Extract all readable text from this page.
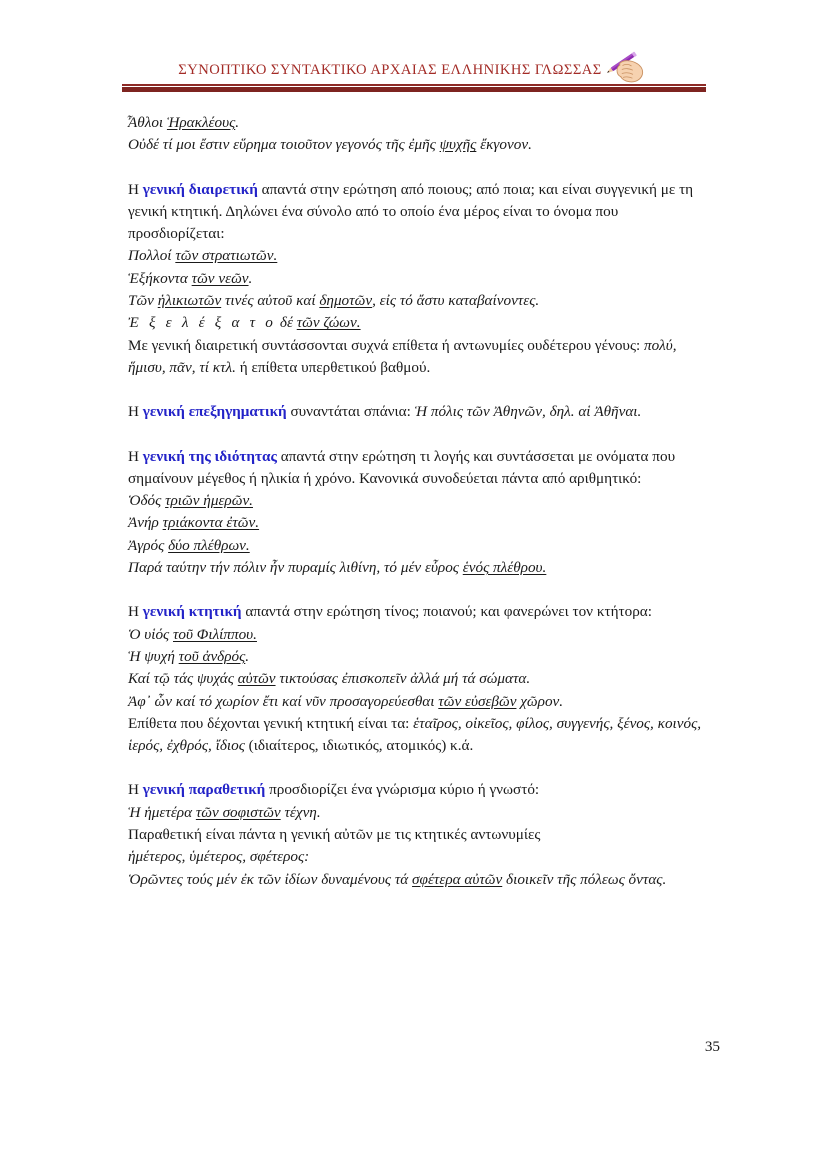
ΣΥΝΟΠΤΙΚΟ ΣΥΝΤΑΚΤΙΚΟ ΑΡΧΑΙΑΣ ΕΛΛΗΝΙΚΗΣ ΓΛΩΣΣΑΣ

Ἆθλοι Ἡρακλέους.

Οὐδέ τί μοι ἔστιν εὕρημα τοιοῦτον γεγονός τῆς ἐμῆς ψυχῆς ἔκγονον.

Η γενική διαιρετική απαντά στην ερώτηση από ποιους; από ποια; και είναι συγγενική με τη γενική κτητική. Δηλώνει ένα σύνολο από το οποίο ένα μέρος είναι το όνομα που προσδιορίζεται:

Πολλοί τῶν στρατιωτῶν.

Ἑξήκοντα τῶν νεῶν.

Τῶν ἡλικιωτῶν τινές αὐτοῦ καί δημοτῶν, εἰς τό ἄστυ καταβαίνοντες.

Ἐ ξ ε λ έ ξ α τ ο δέ τῶν ζώων.

Με γενική διαιρετική συντάσσονται συχνά επίθετα ή αντωνυμίες ουδέτερου γένους: πολύ, ἥμισυ, πᾶν, τί κτλ. ή επίθετα υπερθετικού βαθμού.

Η γενική επεξηγηματική συναντάται σπάνια: Ἡ πόλις τῶν Ἀθηνῶν, δηλ. αἱ Ἀθῆναι.

Η γενική της ιδιότητας απαντά στην ερώτηση τι λογής και συντάσσεται με ονόματα που σημαίνουν μέγεθος ή ηλικία ή χρόνο. Κανονικά συνοδεύεται πάντα από αριθμητικό:

Ὁδός τριῶν ἡμερῶν.

Ἀνήρ τριάκοντα ἐτῶν.

Ἀγρός δύο πλέθρων.

Παρά ταύτην τήν πόλιν ἦν πυραμίς λιθίνη, τό μέν εὖρος ἑνός πλέθρου.

Η γενική κτητική απαντά στην ερώτηση τίνος; ποιανού; και φανερώνει τον κτήτορα:

Ὁ υἱός τοῦ Φιλίππου.

Ἡ ψυχή τοῦ ἀνδρός.

Καί τῷ τάς ψυχάς αὐτῶν τικτούσας ἐπισκοπεῖν ἀλλά μή τά σώματα.

Ἀφ᾿ ὧν καί τό χωρίον ἔτι καί νῦν προσαγορεύεσθαι τῶν εὐσεβῶν χῶρον.

Επίθετα που δέχονται γενική κτητική είναι τα: ἑταῖρος, οἰκεῖος, φίλος, συγγενής, ξένος, κοινός, ἱερός, ἐχθρός, ἴδιος (ιδιαίτερος, ιδιωτικός, ατομικός) κ.ά.

Η γενική παραθετική προσδιορίζει ένα γνώρισμα κύριο ή γνωστό:

Ἡ ἡμετέρα τῶν σοφιστῶν τέχνη.

Παραθετική είναι πάντα η γενική αὐτῶν με τις κτητικές αντωνυμίες

ἡμέτερος, ὑμέτερος, σφέτερος:

Ὁρῶντες τούς μέν ἐκ τῶν ἰδίων δυναμένους τά σφέτερα αὐτῶν διοικεῖν τῆς πόλεως ὄντας.

35
